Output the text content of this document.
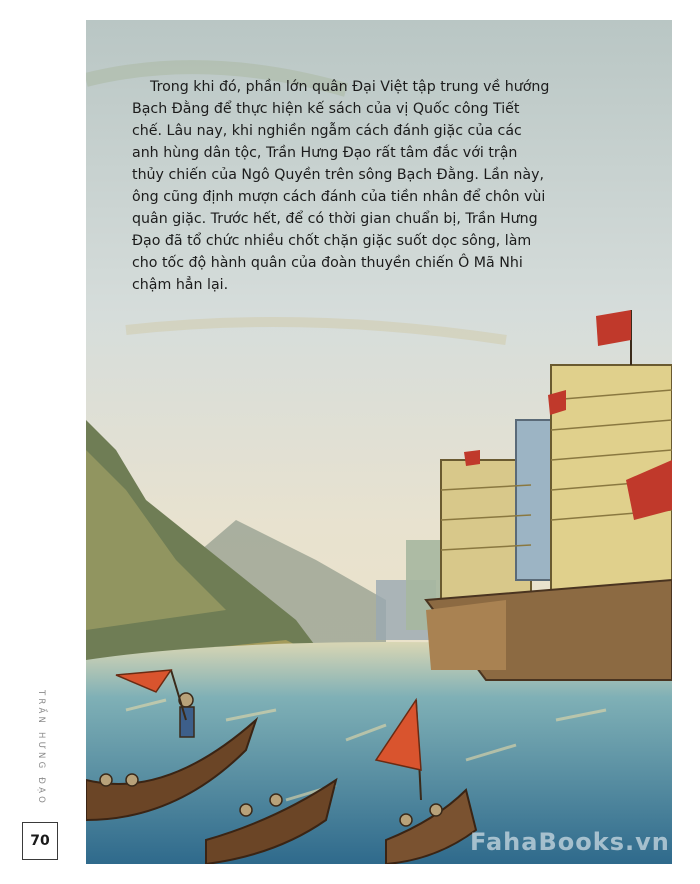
Trong khi đó, phần lớn quân Đại Việt tập trung về hướng Bạch Đằng để thực hiện kế sách của vị Quốc công Tiết chế. Lâu nay, khi nghiền ngẫm cách đánh giặc của các anh hùng dân tộc, Trần Hưng Đạo rất tâm đắc với trận thủy chiến của Ngô Quyền trên sông Bạch Đằng. Lần này, ông cũng định mượn cách đánh của tiền nhân để chôn vùi quân giặc. Trước hết, để có thời gian chuẩn bị, Trần Hưng Đạo đã tổ chức nhiều chốt chặn giặc suốt dọc sông, làm cho tốc độ hành quân của đoàn thuyền chiến Ô Mã Nhi chậm hẳn lại.

TRẦN HƯNG ĐẠO
70	FahaBooks.vn
